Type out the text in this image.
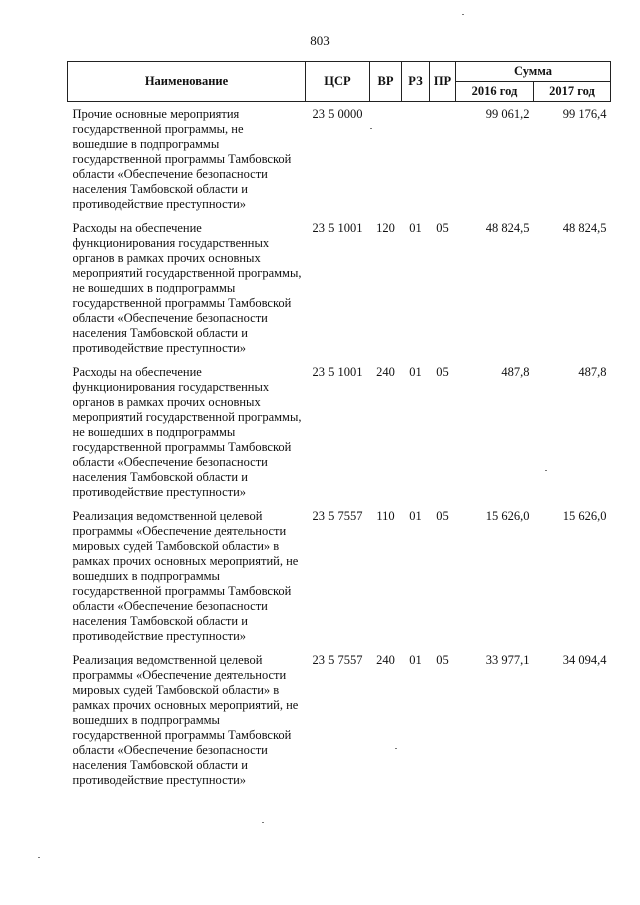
803
Наименование	ЦСР	ВР	РЗ	ПР	Сумма	
					2016 год	2017 год
Прочие основные мероприятия государственной программы, не вошедшие в подпрограммы государственной программы Тамбовской области «Обеспечение безопасности населения Тамбовской области и противодействие преступности»	23 5 0000				99 061,2	99 176,4
Расходы на обеспечение функционирования государственных органов в рамках прочих основных мероприятий государственной программы, не вошедших в подпрограммы государственной программы Тамбовской области «Обеспечение безопасности населения Тамбовской области и противодействие преступности»	23 5 1001	120	01	05	48 824,5	48 824,5
Расходы на обеспечение функционирования государственных органов в рамках прочих основных мероприятий государственной программы, не вошедших в подпрограммы государственной программы Тамбовской области «Обеспечение безопасности населения Тамбовской области и противодействие преступности»	23 5 1001	240	01	05	487,8	487,8
Реализация ведомственной целевой программы «Обеспечение деятельности мировых судей Тамбовской области» в рамках прочих основных мероприятий, не вошедших в подпрограммы государственной программы Тамбовской области «Обеспечение безопасности населения Тамбовской области и противодействие преступности»	23 5 7557	110	01	05	15 626,0	15 626,0
Реализация ведомственной целевой программы «Обеспечение деятельности мировых судей Тамбовской области» в рамках прочих основных мероприятий, не вошедших в подпрограммы государственной программы Тамбовской области «Обеспечение безопасности населения Тамбовской области и противодействие преступности»	23 5 7557	240	01	05	33 977,1	34 094,4
